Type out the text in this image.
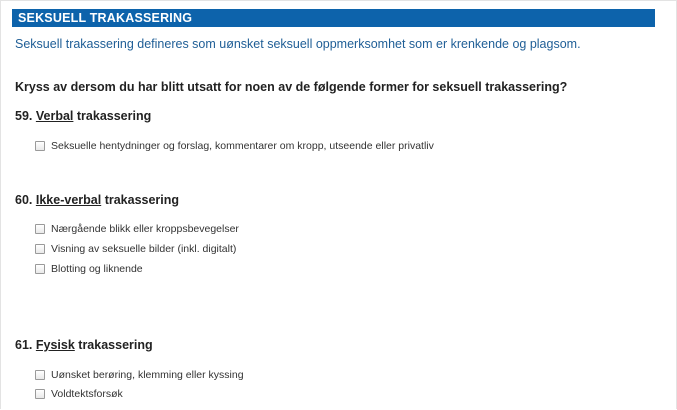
SEKSUELL TRAKASSERING
Seksuell trakassering defineres som uønsket seksuell oppmerksomhet som er krenkende og plagsom.
Kryss av dersom du har blitt utsatt for noen av de følgende former for seksuell trakassering?
59. Verbal trakassering
Seksuelle hentydninger og forslag, kommentarer om kropp, utseende eller privatliv
60. Ikke-verbal trakassering
Nærgående blikk eller kroppsbevegelser
Visning av seksuelle bilder (inkl. digitalt)
Blotting og liknende
61. Fysisk trakassering
Uønsket berøring, klemming eller kyssing
Voldtektsforsøk
